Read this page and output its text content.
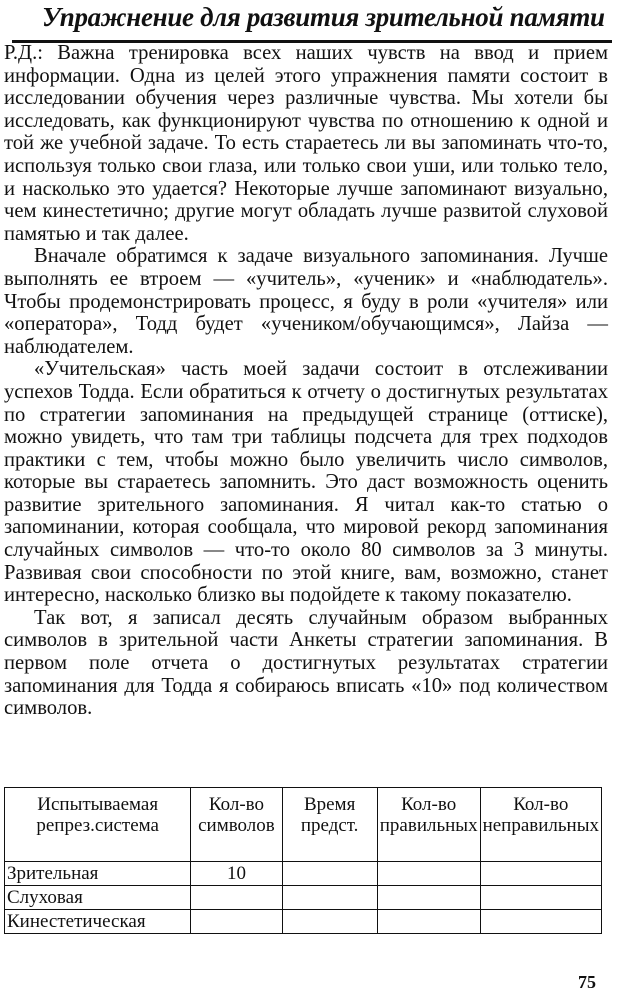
Упражнение для развития зрительной памяти

Р.Д.: Важна тренировка всех наших чувств на ввод и прием информации. Одна из целей этого упражнения памяти состоит в исследовании обучения через различные чувства. Мы хотели бы исследовать, как функционируют чувства по отношению к одной и той же учебной задаче. То есть стараетесь ли вы запоминать что-то, используя только свои глаза, или только свои уши, или только тело, и насколько это удается? Некоторые лучше запоминают визуально, чем кинестетично; другие могут обладать лучше развитой слуховой памятью и так далее.

Вначале обратимся к задаче визуального запоминания. Лучше выполнять ее втроем — «учитель», «ученик» и «наблюдатель». Чтобы продемонстрировать процесс, я буду в роли «учителя» или «оператора», Тодд будет «учеником/обучающимся», Лайза — наблюдателем.

«Учительская» часть моей задачи состоит в отслеживании успехов Тодда. Если обратиться к отчету о достигнутых результатах по стратегии запоминания на предыдущей странице (оттиске), можно увидеть, что там три таблицы подсчета для трех подходов практики с тем, чтобы можно было увеличить число символов, которые вы стараетесь запомнить. Это даст возможность оценить развитие зрительного запоминания. Я читал как-то статью о запоминании, которая сообщала, что мировой рекорд запоминания случайных символов — что-то около 80 символов за 3 минуты. Развивая свои способности по этой книге, вам, возможно, станет интересно, насколько близко вы подойдете к такому показателю.

Так вот, я записал десять случайным образом выбранных символов в зрительной части Анкеты стратегии запоминания. В первом поле отчета о достигнутых результатах стратегии запоминания для Тодда я собираюсь вписать «10» под количеством символов.

Испытываемая репрез.система	Кол-во символов	Время предст.	Кол-во правильных	Кол-во неправильных
Зрительная	10			
Слуховая				
Кинестетическая				
75
